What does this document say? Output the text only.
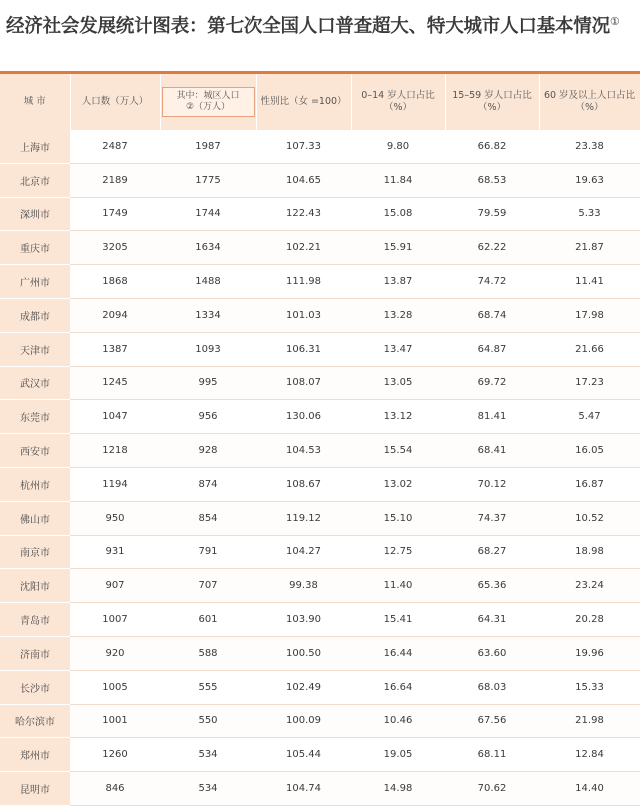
经济社会发展统计图表：第七次全国人口普查超大、特大城市人口基本情况①
城 市	人口数（万人）	其中：城区人口②（万人）	性别比（女 =100）	0–14 岁人口占比（%）	15–59 岁人口占比（%）	60 岁及以上人口占比（%）
上海市	2487	1987	107.33	9.80	66.82	23.38
北京市	2189	1775	104.65	11.84	68.53	19.63
深圳市	1749	1744	122.43	15.08	79.59	5.33
重庆市	3205	1634	102.21	15.91	62.22	21.87
广州市	1868	1488	111.98	13.87	74.72	11.41
成都市	2094	1334	101.03	13.28	68.74	17.98
天津市	1387	1093	106.31	13.47	64.87	21.66
武汉市	1245	995	108.07	13.05	69.72	17.23
东莞市	1047	956	130.06	13.12	81.41	5.47
西安市	1218	928	104.53	15.54	68.41	16.05
杭州市	1194	874	108.67	13.02	70.12	16.87
佛山市	950	854	119.12	15.10	74.37	10.52
南京市	931	791	104.27	12.75	68.27	18.98
沈阳市	907	707	99.38	11.40	65.36	23.24
青岛市	1007	601	103.90	15.41	64.31	20.28
济南市	920	588	100.50	16.44	63.60	19.96
长沙市	1005	555	102.49	16.64	68.03	15.33
哈尔滨市	1001	550	100.09	10.46	67.56	21.98
郑州市	1260	534	105.44	19.05	68.11	12.84
昆明市	846	534	104.74	14.98	70.62	14.40
